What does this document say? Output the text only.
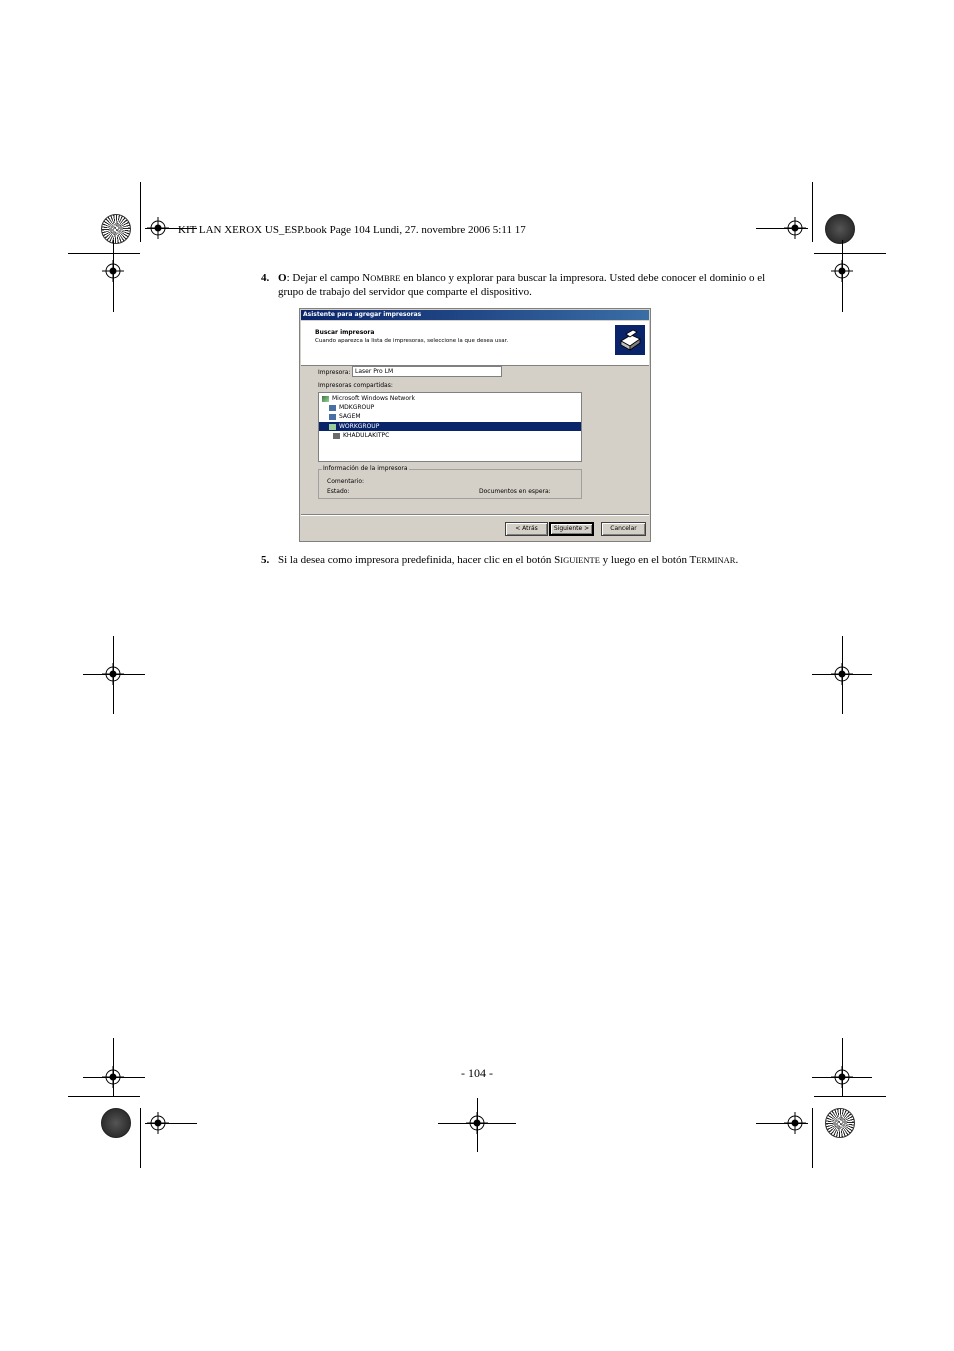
KIT LAN XEROX US_ESP.book Page 104 Lundi, 27. novembre 2006 5:11 17
4. O: Dejar el campo NOMBRE en blanco y explorar para buscar la impresora. Usted debe conocer el dominio o el
grupo de trabajo del servidor que comparte el dispositivo.
Asistente para agregar impresoras
Buscar impresora
Cuando aparezca la lista de impresoras, seleccione la que desea usar.
Impresora: Laser Pro LM
Impresoras compartidas:
Microsoft Windows Network
MDKGROUP
SAGEM
WORKGROUP
KHADULAKITPC
Información de la impresora
Comentario:
Estado:	Documentos en espera:
< Atrás	Siguiente >	Cancelar
5. Si la desea como impresora predefinida, hacer clic en el botón SIGUIENTE y luego en el botón TERMINAR.
- 104 -
